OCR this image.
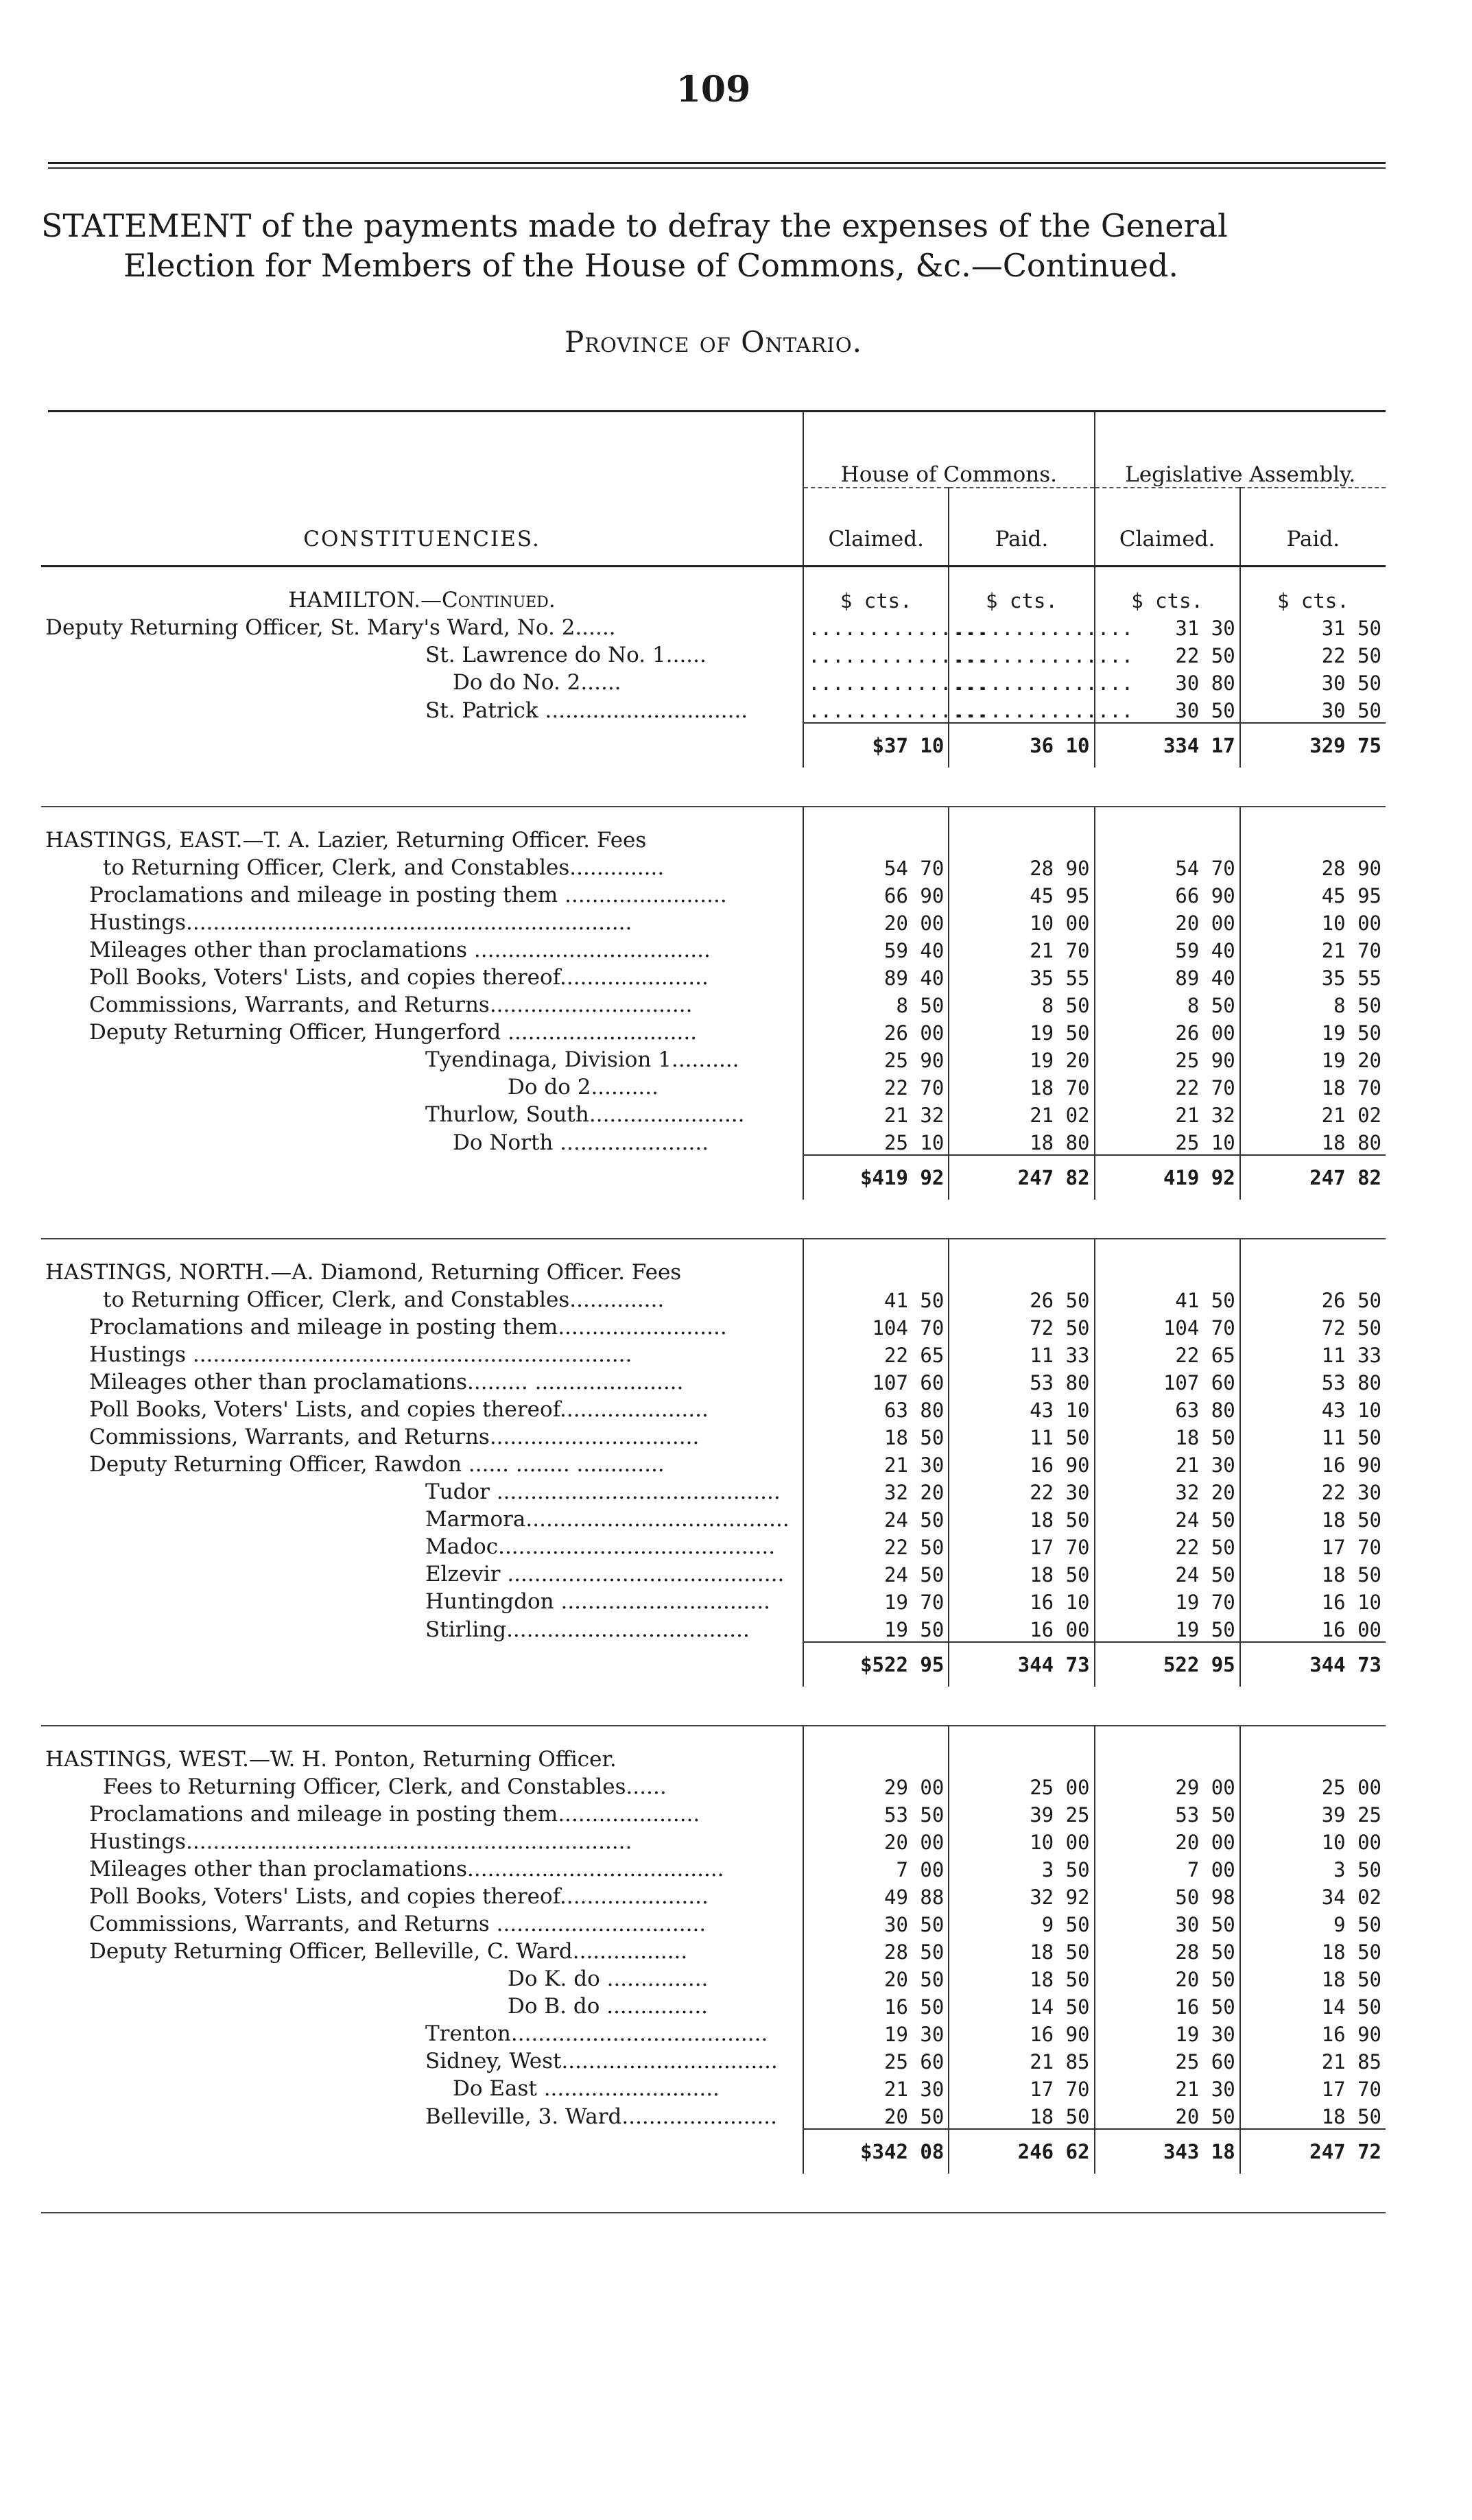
109
STATEMENT of the payments made to defray the expenses of the General
Election for Members of the House of Commons, &c.—Continued.
Province of Ontario.
CONSTITUENCIES.	House of Commons.		Legislative Assembly.	
	Claimed.	Paid.	Claimed.	Paid.

HAMILTON.—Continued.	$ cts.	$ cts.	$ cts.	$ cts.
Deputy Returning Officer, St. Mary's Ward, No. 2......	...............	...............	31 30	31 50
St. Lawrence do No. 1......	...............	...............	22 50	22 50
Do do No. 2......	...............	...............	30 80	30 50
St. Patrick ..............................	...............	...............	30 50	30 50
	$37 10	36 10	334 17	329 75

HASTINGS, EAST.—T. A. Lazier, Returning Officer. Fees				
to Returning Officer, Clerk, and Constables..............	54 70	28 90	54 70	28 90
Proclamations and mileage in posting them ........................	66 90	45 95	66 90	45 95
Hustings..................................................................	20 00	10 00	20 00	10 00
Mileages other than proclamations ...................................	59 40	21 70	59 40	21 70
Poll Books, Voters' Lists, and copies thereof......................	89 40	35 55	89 40	35 55
Commissions, Warrants, and Returns..............................	8 50	8 50	8 50	8 50
Deputy Returning Officer, Hungerford ............................	26 00	19 50	26 00	19 50
Tyendinaga, Division 1..........	25 90	19 20	25 90	19 20
Do do 2..........	22 70	18 70	22 70	18 70
Thurlow, South.......................	21 32	21 02	21 32	21 02
Do North ......................	25 10	18 80	25 10	18 80
	$419 92	247 82	419 92	247 82

HASTINGS, NORTH.—A. Diamond, Returning Officer. Fees				
to Returning Officer, Clerk, and Constables..............	41 50	26 50	41 50	26 50
Proclamations and mileage in posting them.........................	104 70	72 50	104 70	72 50
Hustings .................................................................	22 65	11 33	22 65	11 33
Mileages other than proclamations......... ......................	107 60	53 80	107 60	53 80
Poll Books, Voters' Lists, and copies thereof......................	63 80	43 10	63 80	43 10
Commissions, Warrants, and Returns...............................	18 50	11 50	18 50	11 50
Deputy Returning Officer, Rawdon ...... ........ .............	21 30	16 90	21 30	16 90
Tudor ..........................................	32 20	22 30	32 20	22 30
Marmora.......................................	24 50	18 50	24 50	18 50
Madoc.........................................	22 50	17 70	22 50	17 70
Elzevir .........................................	24 50	18 50	24 50	18 50
Huntingdon ...............................	19 70	16 10	19 70	16 10
Stirling....................................	19 50	16 00	19 50	16 00
	$522 95	344 73	522 95	344 73

HASTINGS, WEST.—W. H. Ponton, Returning Officer.				
Fees to Returning Officer, Clerk, and Constables......	29 00	25 00	29 00	25 00
Proclamations and mileage in posting them.....................	53 50	39 25	53 50	39 25
Hustings..................................................................	20 00	10 00	20 00	10 00
Mileages other than proclamations......................................	7 00	3 50	7 00	3 50
Poll Books, Voters' Lists, and copies thereof......................	49 88	32 92	50 98	34 02
Commissions, Warrants, and Returns ...............................	30 50	9 50	30 50	9 50
Deputy Returning Officer, Belleville, C. Ward.................	28 50	18 50	28 50	18 50
Do K. do ...............	20 50	18 50	20 50	18 50
Do B. do ...............	16 50	14 50	16 50	14 50
Trenton......................................	19 30	16 90	19 30	16 90
Sidney, West................................	25 60	21 85	25 60	21 85
Do East ..........................	21 30	17 70	21 30	17 70
Belleville, 3. Ward.......................	20 50	18 50	20 50	18 50
	$342 08	246 62	343 18	247 72
